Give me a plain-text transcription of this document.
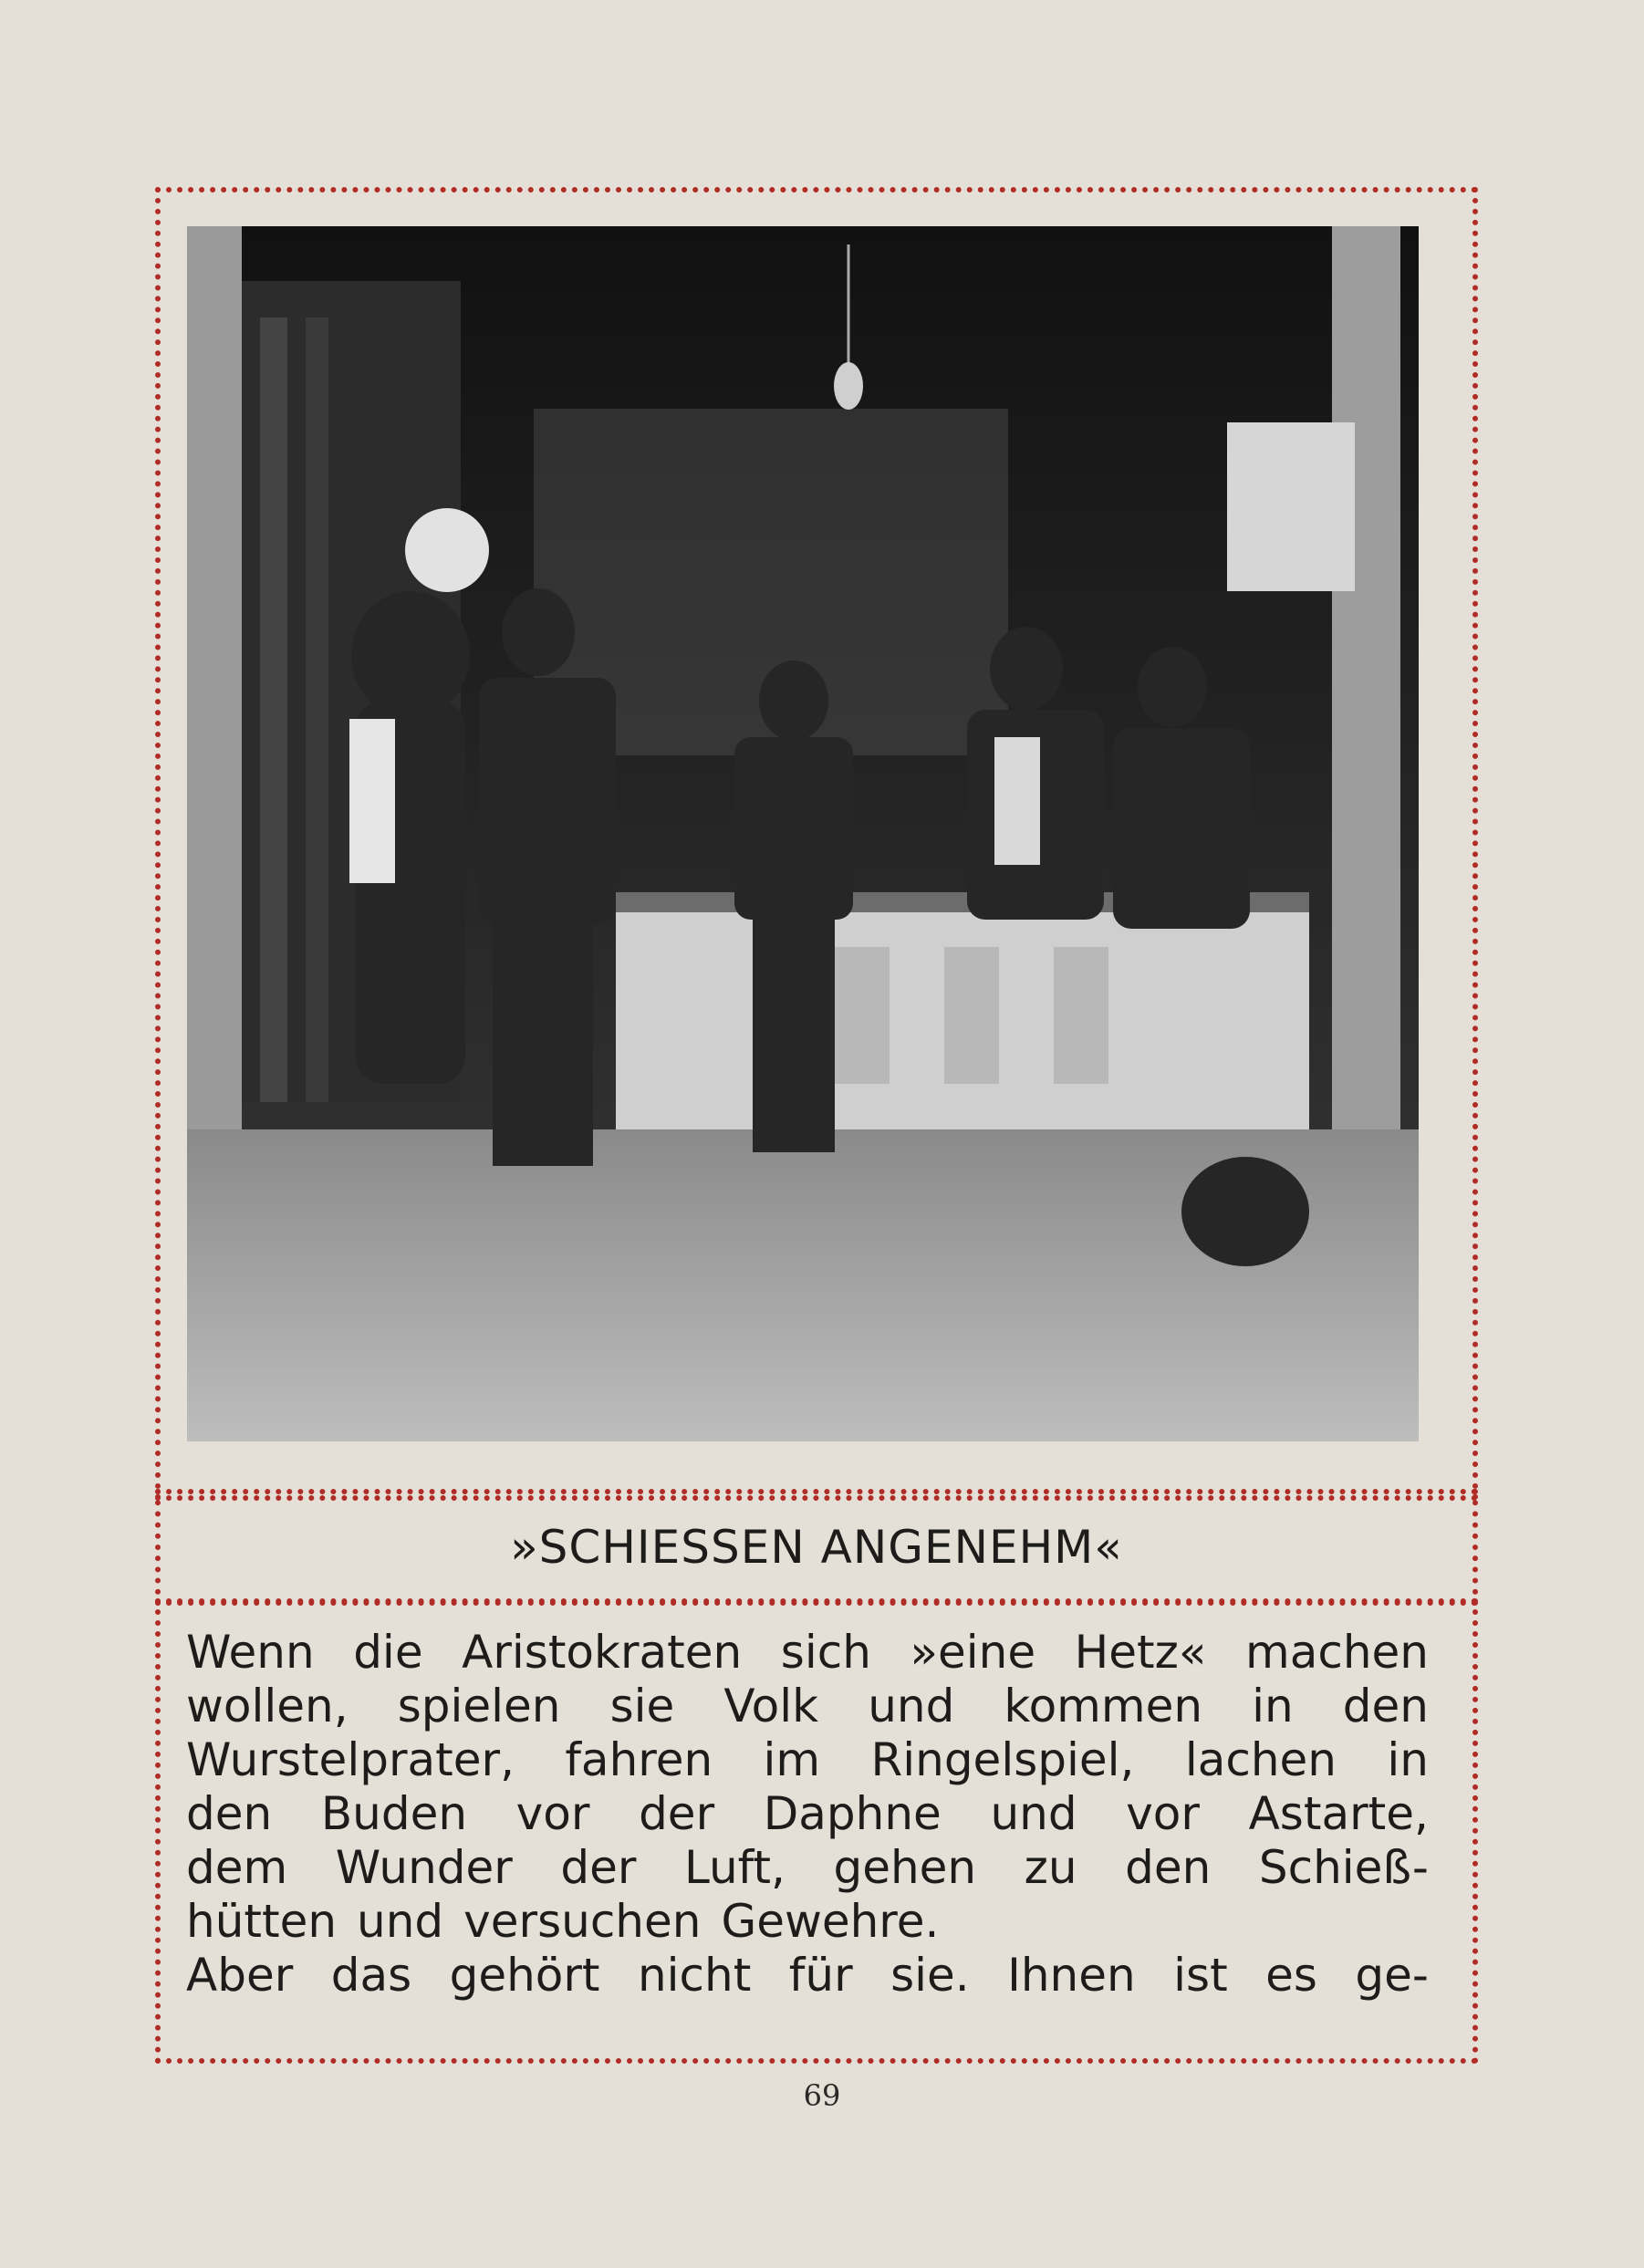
»SCHIESSEN ANGENEHM«
Wenn die Aristokraten sich »eine Hetz« machen
wollen, spielen sie Volk und kommen in den
Wurstelprater, fahren im Ringelspiel, lachen in
den Buden vor der Daphne und vor Astarte,
dem Wunder der Luft, gehen zu den Schieß-
hütten und versuchen Gewehre.
Aber das gehört nicht für sie. Ihnen ist es ge-
69
